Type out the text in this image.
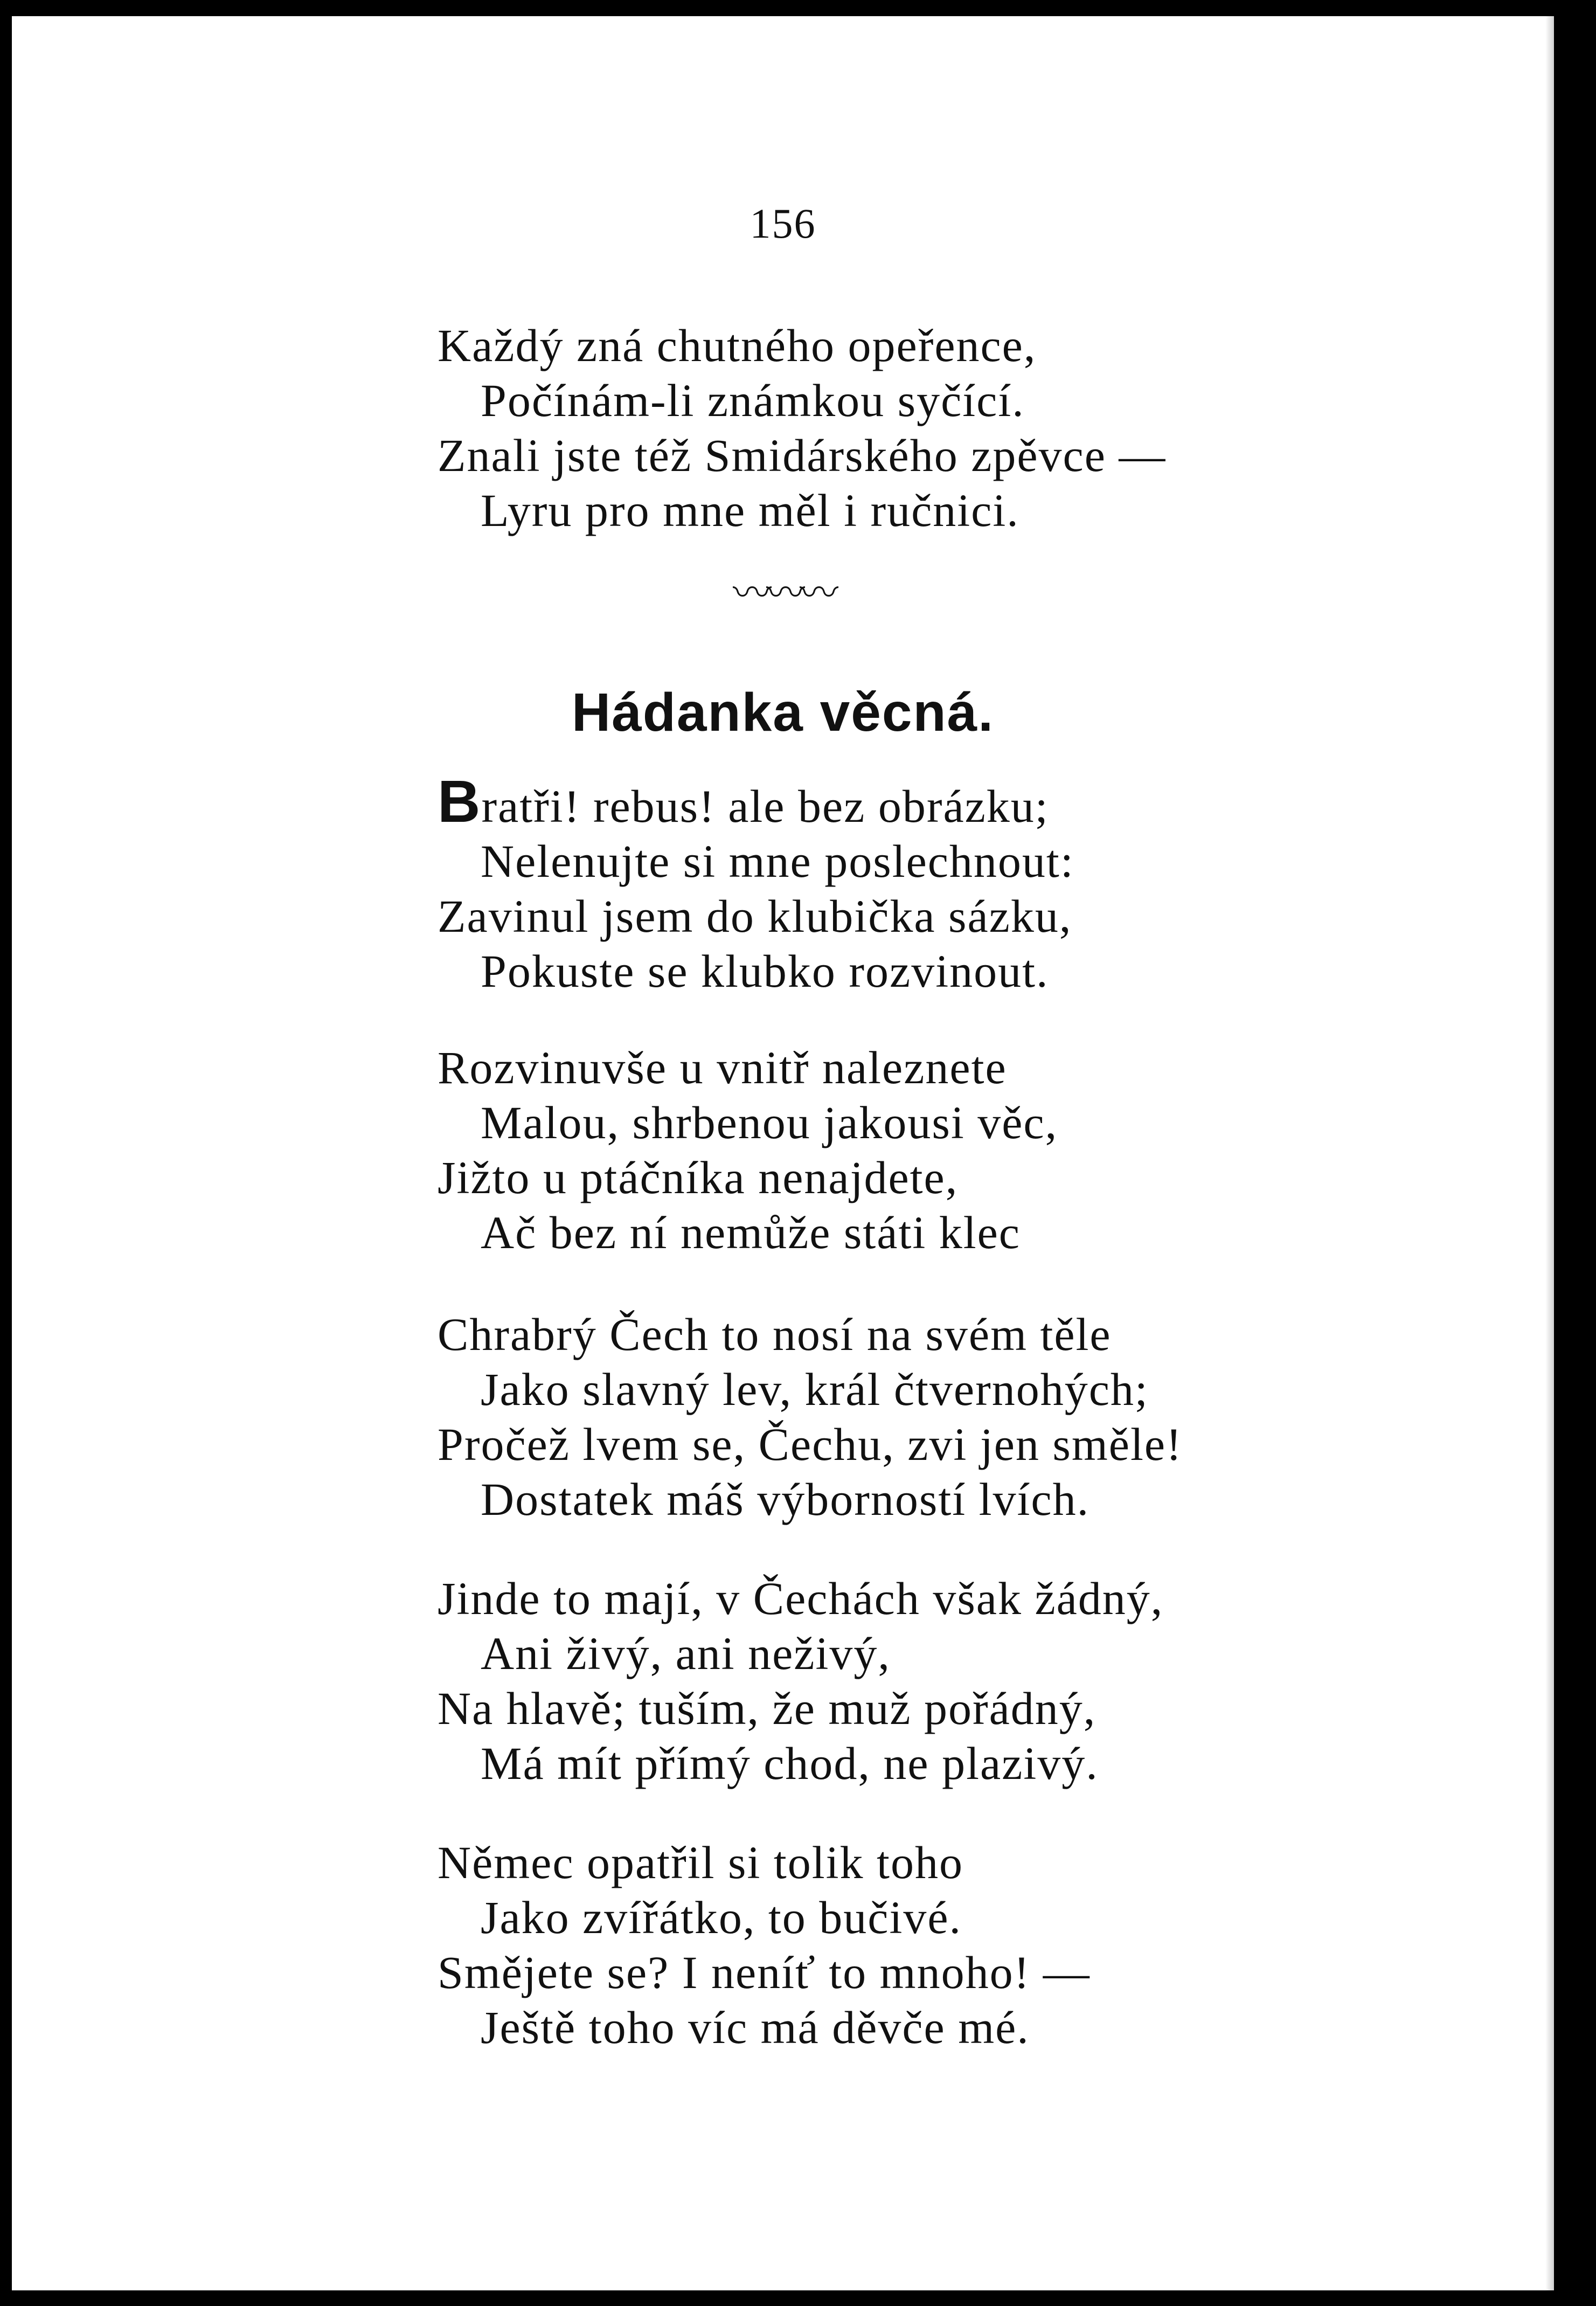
156
Každý zná chutného opeřence,
Počínám-li známkou syčící.
Znali jste též Smidárského zpěvce —
Lyru pro mne měl i ručnici.
〰〰〰
Hádanka věcná.
Bratři! rebus! ale bez obrázku;
Nelenujte si mne poslechnout:
Zavinul jsem do klubička sázku,
Pokuste se klubko rozvinout.
Rozvinuvše u vnitř naleznete
Malou, shrbenou jakousi věc,
Jižto u ptáčníka nenajdete,
Ač bez ní nemůže státi klec
Chrabrý Čech to nosí na svém těle
Jako slavný lev, král čtvernohých;
Pročež lvem se, Čechu, zvi jen směle!
Dostatek máš výborností lvích.
Jinde to mají, v Čechách však žádný,
Ani živý, ani neživý,
Na hlavě; tuším, že muž pořádný,
Má mít přímý chod, ne plazivý.
Němec opatřil si tolik toho
Jako zvířátko, to bučivé.
Smějete se? I neníť to mnoho! —
Ještě toho víc má děvče mé.
